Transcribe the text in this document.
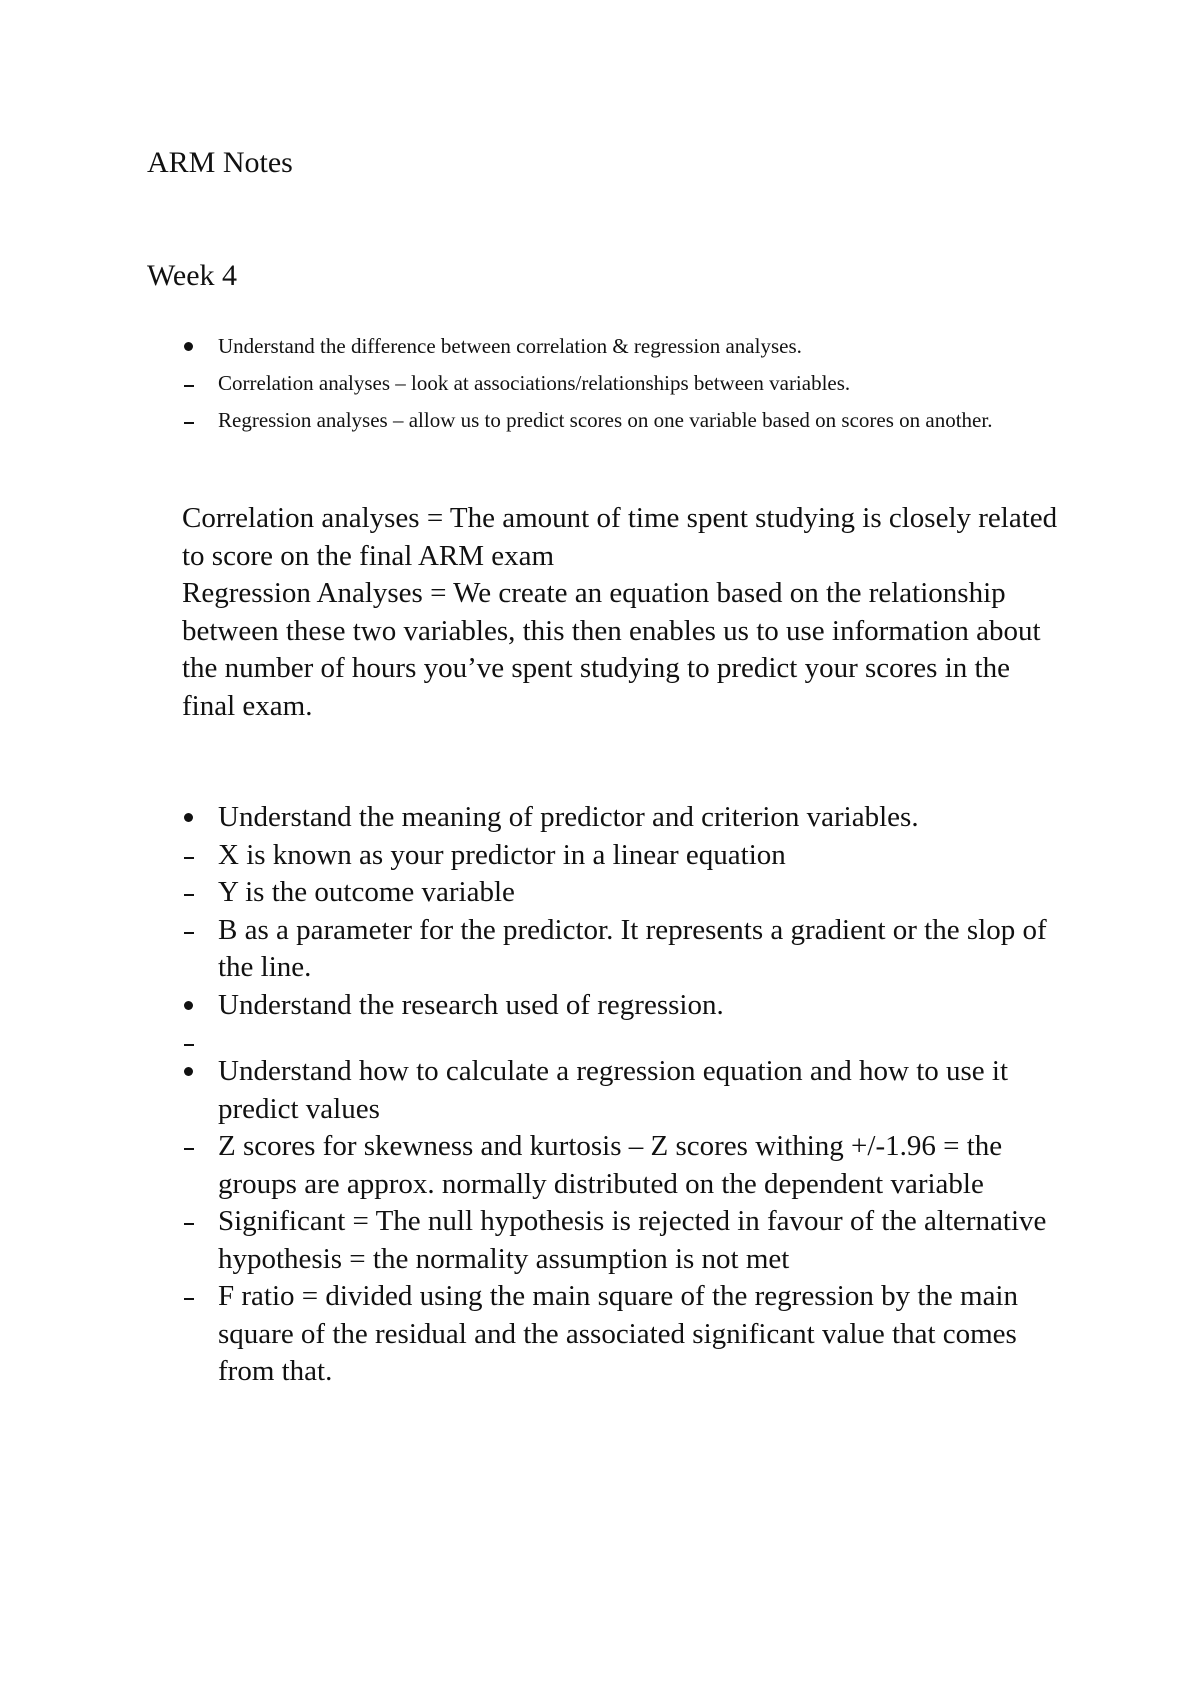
ARM Notes
Week 4
Understand the difference between correlation & regression analyses.
Correlation analyses – look at associations/relationships between variables.
Regression analyses – allow us to predict scores on one variable based on scores on another.

Correlation analyses = The amount of time spent studying is closely related to score on the final ARM exam

Regression Analyses = We create an equation based on the relationship between these two variables, this then enables us to use information about the number of hours you’ve spent studying to predict your scores in the final exam.

Understand the meaning of predictor and criterion variables.
X is known as your predictor in a linear equation
Y is the outcome variable
B as a parameter for the predictor. It represents a gradient or the slop of the line.
Understand the research used of regression.
Understand how to calculate a regression equation and how to use it predict values
Z scores for skewness and kurtosis – Z scores withing +/-1.96 = the groups are approx. normally distributed on the dependent variable
Significant = The null hypothesis is rejected in favour of the alternative hypothesis = the normality assumption is not met
F ratio = divided using the main square of the regression by the main square of the residual and the associated significant value that comes from that.
